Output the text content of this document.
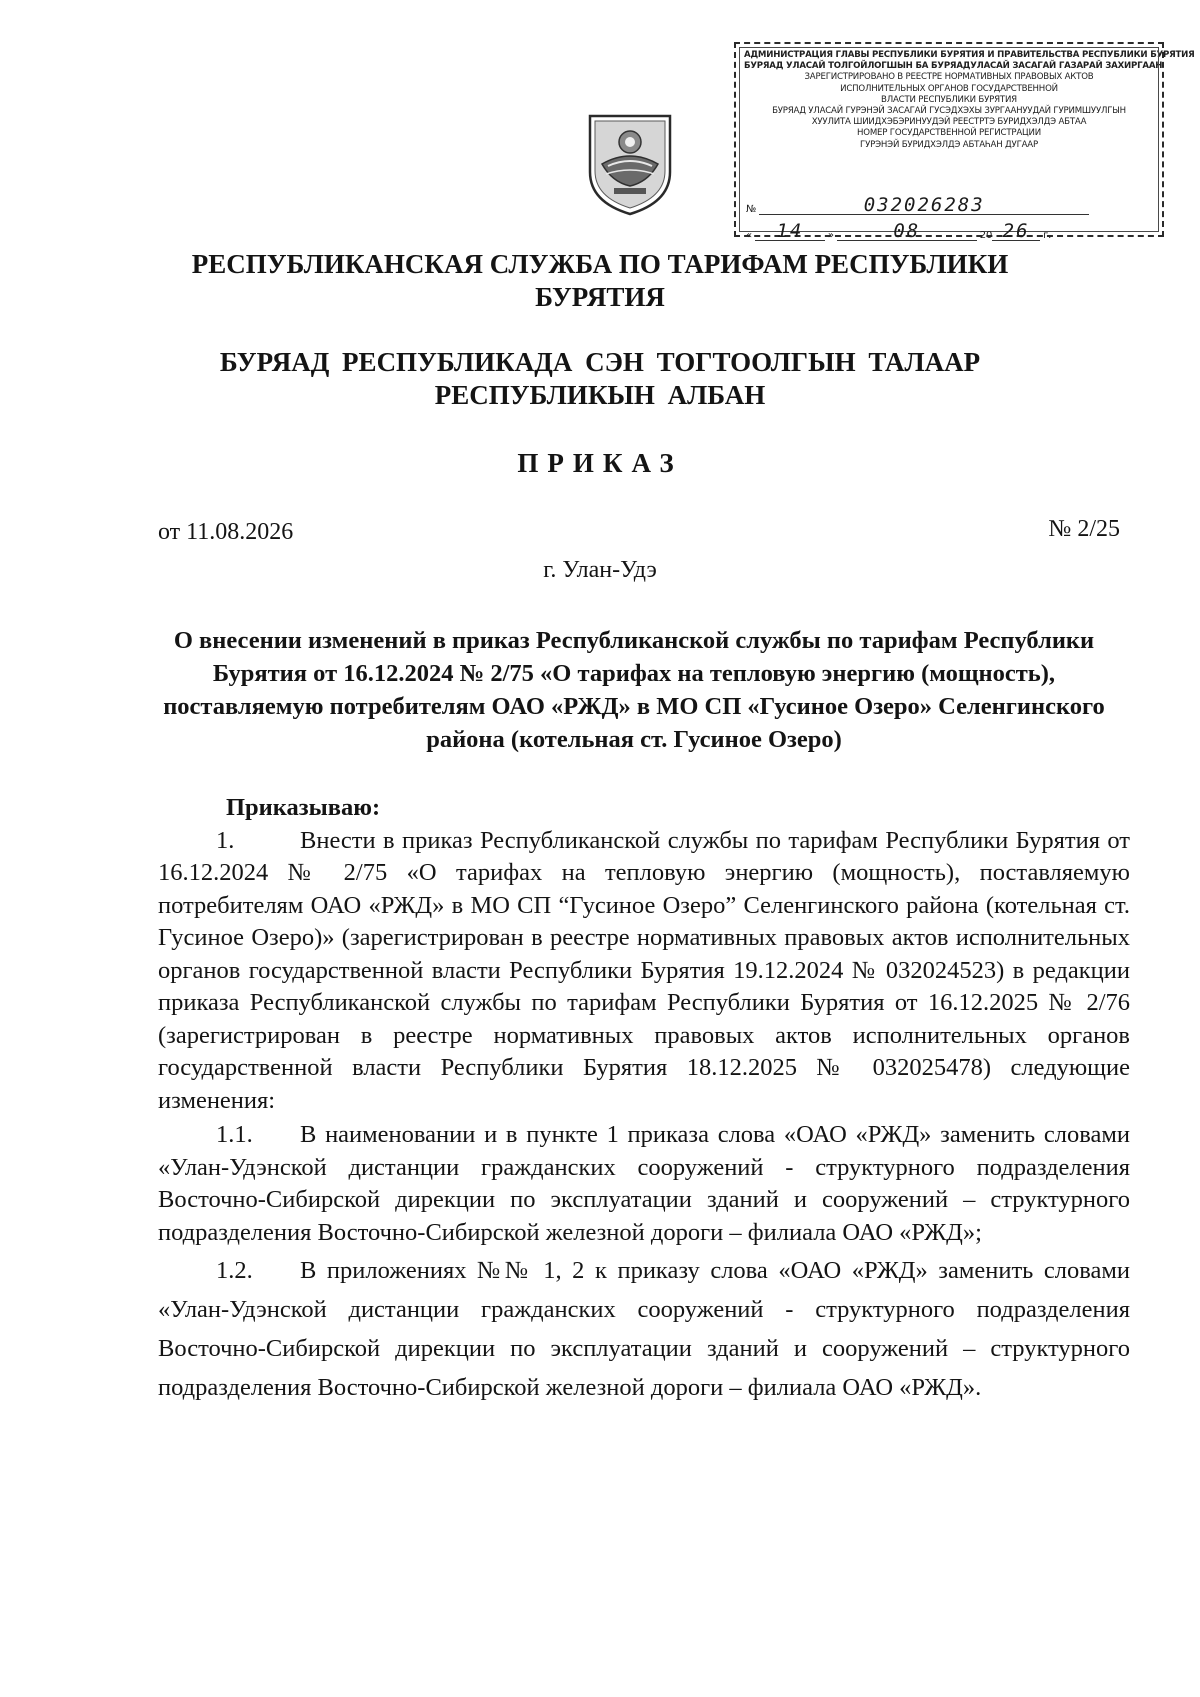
АДМИНИСТРАЦИЯ ГЛАВЫ РЕСПУБЛИКИ БУРЯТИЯ И ПРАВИТЕЛЬСТВА РЕСПУБЛИКИ БУРЯТИЯ
БУРЯАД УЛАСАЙ ТОЛГОЙЛОГШЫН БА БУРЯАДУЛАСАЙ ЗАСАГАЙ ГАЗАРАЙ ЗАХИРГААН
ЗАРЕГИСТРИРОВАНО В РЕЕСТРЕ НОРМАТИВНЫХ ПРАВОВЫХ АКТОВ
ИСПОЛНИТЕЛЬНЫХ ОРГАНОВ ГОСУДАРСТВЕННОЙ
ВЛАСТИ РЕСПУБЛИКИ БУРЯТИЯ
БУРЯАД УЛАСАЙ ГУРЭНЭЙ ЗАСАГАЙ ГУСЭДХЭХЫ ЗУРГААНУУДАЙ ГУРИМШУУЛГЫН
ХУУЛИТА ШИИДХЭБЭРИНУУДЭЙ РЕЕСТРТЭ БУРИДХЭЛДЭ АБТАА
НОМЕР ГОСУДАРСТВЕННОЙ РЕГИСТРАЦИИ
ГУРЭНЭЙ БУРИДХЭЛДЭ АБТАҺАН ДУГААР
№	032026283
« 14 »	08	20 26 г.
РЕСПУБЛИКАНСКАЯ СЛУЖБА ПО ТАРИФАМ РЕСПУБЛИКИ БУРЯТИЯ
БУРЯАД РЕСПУБЛИКАДА СЭН ТОГТООЛГЫН ТАЛААР РЕСПУБЛИКЫН АЛБАН
ПРИКАЗ
от 11.08.2026	№ 2/25
г. Улан-Удэ
О внесении изменений в приказ Республиканской службы по тарифам Республики Бурятия от 16.12.2024 № 2/75 «О тарифах на тепловую энергию (мощность), поставляемую потребителям ОАО «РЖД» в МО СП «Гусиное Озеро» Селенгинского района (котельная ст. Гусиное Озеро)
Приказываю:

1.	Внести в приказ Республиканской службы по тарифам Республики Бурятия от 16.12.2024 № 2/75 «О тарифах на тепловую энергию (мощность), поставляемую потребителям ОАО «РЖД» в МО СП “Гусиное Озеро” Селенгинского района (котельная ст. Гусиное Озеро)» (зарегистрирован в реестре нормативных правовых актов исполнительных органов государственной власти Республики Бурятия 19.12.2024 № 032024523) в редакции приказа Республиканской службы по тарифам Республики Бурятия от 16.12.2025 № 2/76 (зарегистрирован в реестре нормативных правовых актов исполнительных органов государственной власти Республики Бурятия 18.12.2025 № 032025478) следующие изменения:

1.1. В наименовании и в пункте 1 приказа слова «ОАО «РЖД» заменить словами «Улан-Удэнской дистанции гражданских сооружений - структурного подразделения Восточно-Сибирской дирекции по эксплуатации зданий и сооружений – структурного подразделения Восточно-Сибирской железной дороги – филиала ОАО «РЖД»;

1.2. В приложениях №№ 1, 2 к приказу слова «ОАО «РЖД» заменить словами «Улан-Удэнской дистанции гражданских сооружений - структурного подразделения Восточно-Сибирской дирекции по эксплуатации зданий и сооружений – структурного подразделения Восточно-Сибирской железной дороги – филиала ОАО «РЖД».
